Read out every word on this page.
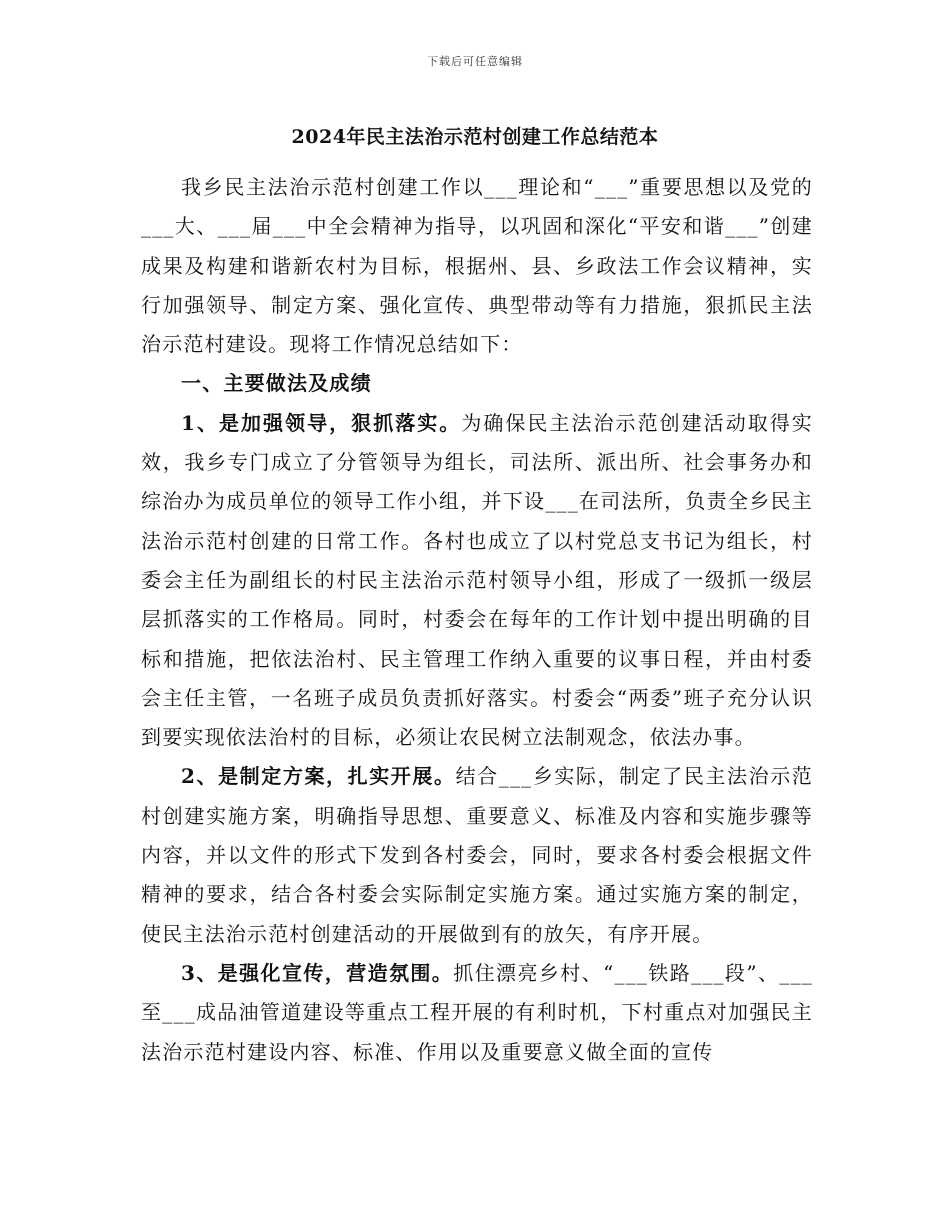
下载后可任意编辑
2024年民主法治示范村创建工作总结范本

我乡民主法治示范村创建工作以___理论和“___”重要思想以及党的___大、___届___中全会精神为指导，以巩固和深化“平安和谐___”创建成果及构建和谐新农村为目标，根据州、县、乡政法工作会议精神，实行加强领导、制定方案、强化宣传、典型带动等有力措施，狠抓民主法治示范村建设。现将工作情况总结如下：

一、主要做法及成绩

1、是加强领导，狠抓落实。为确保民主法治示范创建活动取得实效，我乡专门成立了分管领导为组长，司法所、派出所、社会事务办和综治办为成员单位的领导工作小组，并下设___在司法所，负责全乡民主法治示范村创建的日常工作。各村也成立了以村党总支书记为组长，村委会主任为副组长的村民主法治示范村领导小组，形成了一级抓一级层层抓落实的工作格局。同时，村委会在每年的工作计划中提出明确的目标和措施，把依法治村、民主管理工作纳入重要的议事日程，并由村委会主任主管，一名班子成员负责抓好落实。村委会“两委”班子充分认识到要实现依法治村的目标，必须让农民树立法制观念，依法办事。

2、是制定方案，扎实开展。结合___乡实际，制定了民主法治示范村创建实施方案，明确指导思想、重要意义、标准及内容和实施步骤等内容，并以文件的形式下发到各村委会，同时，要求各村委会根据文件精神的要求，结合各村委会实际制定实施方案。通过实施方案的制定，使民主法治示范村创建活动的开展做到有的放矢，有序开展。

3、是强化宣传，营造氛围。抓住漂亮乡村、“___铁路___段”、___至___成品油管道建设等重点工程开展的有利时机，下村重点对加强民主法治示范村建设内容、标准、作用以及重要意义做全面的宣传
